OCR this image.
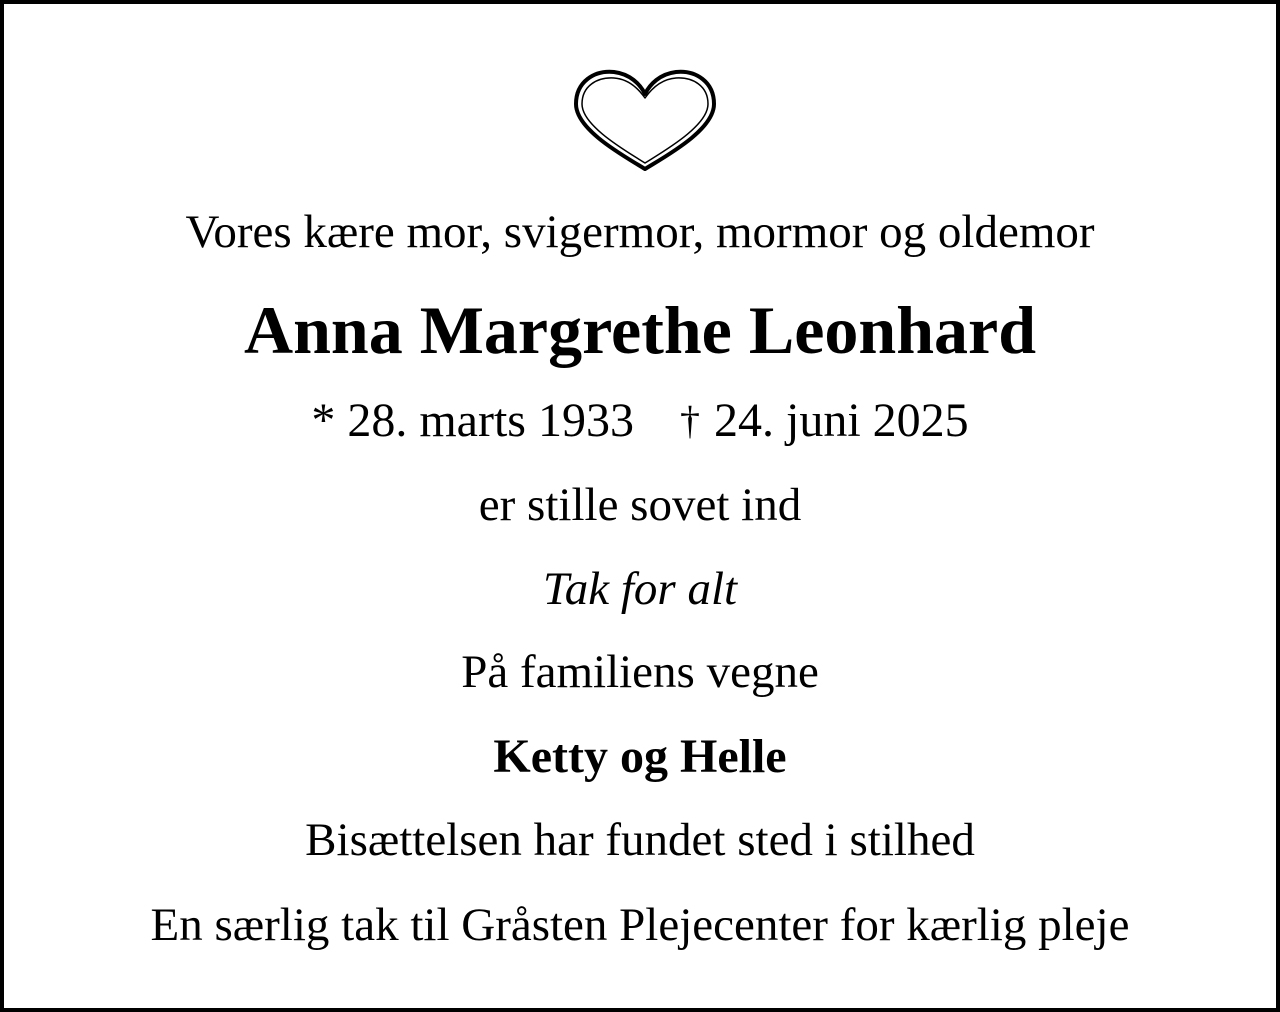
Vores kære mor, svigermor, mormor og oldemor
Anna Margrethe Leonhard
* 28. marts 1933 † 24. juni 2025
er stille sovet ind
Tak for alt
På familiens vegne
Ketty og Helle
Bisættelsen har fundet sted i stilhed
En særlig tak til Gråsten Plejecenter for kærlig pleje
